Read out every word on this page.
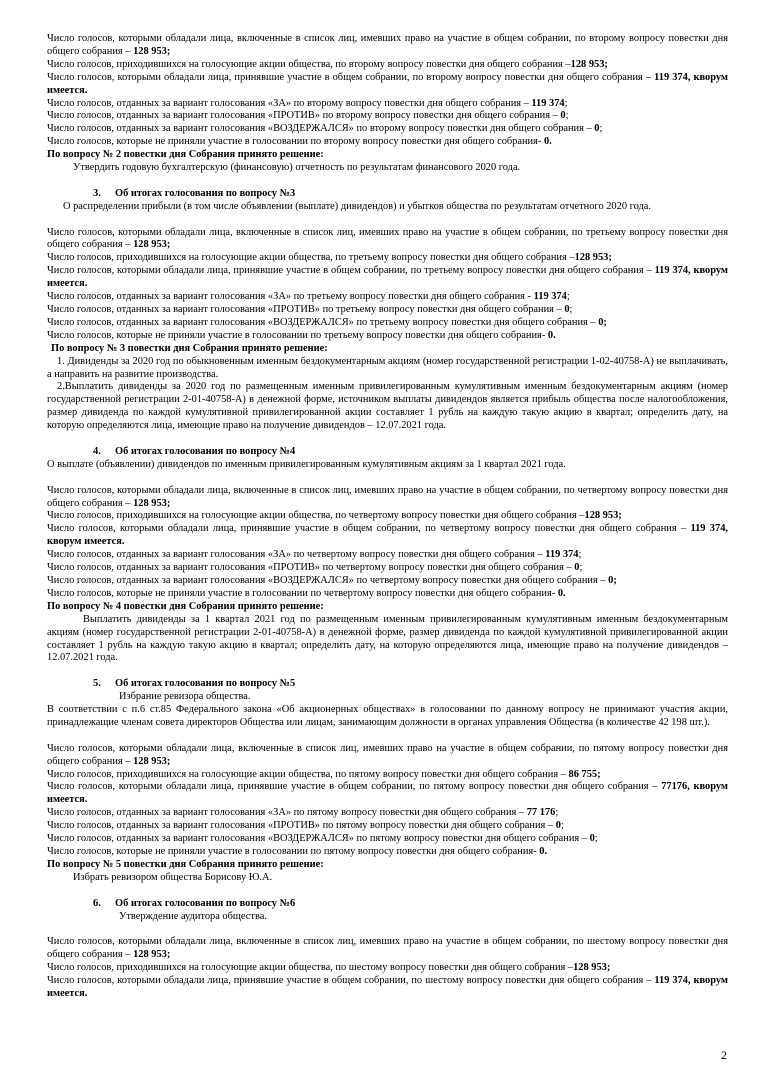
Число голосов, которыми обладали лица, включенные в список лиц, имевших право на участие в общем собрании, по второму вопросу повестки дня общего собрания – 128 953;

Число голосов, приходившихся на голосующие акции общества, по второму вопросу повестки дня общего собрания –128 953;

Число голосов, которыми обладали лица, принявшие участие в общем собрании, по второму вопросу повестки дня общего собрания – 119 374, кворум имеется.

Число голосов, отданных за вариант голосования «ЗА» по второму вопросу повестки дня общего собрания – 119 374;

Число голосов, отданных за вариант голосования «ПРОТИВ» по второму вопросу повестки дня общего собрания – 0;

Число голосов, отданных за вариант голосования «ВОЗДЕРЖАЛСЯ» по второму вопросу повестки дня общего собрания – 0;

Число голосов, которые не приняли участие в голосовании по второму вопросу повестки дня общего собрания- 0.

По вопросу № 2 повестки дня Собрания принято решение:

Утвердить годовую бухгалтерскую (финансовую) отчетность по результатам финансового 2020 года.

3. Об итогах голосования по вопросу №3

О распределении прибыли (в том числе объявлении (выплате) дивидендов) и убытков общества по результатам отчетного 2020 года.

Число голосов, которыми обладали лица, включенные в список лиц, имевших право на участие в общем собрании, по третьему вопросу повестки дня общего собрания – 128 953;

Число голосов, приходившихся на голосующие акции общества, по третьему вопросу повестки дня общего собрания –128 953;

Число голосов, которыми обладали лица, принявшие участие в общем собрании, по третьему вопросу повестки дня общего собрания – 119 374, кворум имеется.

Число голосов, отданных за вариант голосования «ЗА» по третьему вопросу повестки дня общего собрания - 119 374;

Число голосов, отданных за вариант голосования «ПРОТИВ» по третьему вопросу повестки дня общего собрания – 0;

Число голосов, отданных за вариант голосования «ВОЗДЕРЖАЛСЯ» по третьему вопросу повестки дня общего собрания – 0;

Число голосов, которые не приняли участие в голосовании по третьему вопросу повестки дня общего собрания- 0.

По вопросу № 3 повестки дня Собрания принято решение:

1. Дивиденды за 2020 год по обыкновенным именным бездокументарным акциям (номер государственной регистрации 1-02-40758-А) не выплачивать, а направить на развитие производства.

2.Выплатить дивиденды за 2020 год по размещенным именным привилегированным кумулятивным именным бездокументарным акциям (номер государственной регистрации 2-01-40758-А) в денежной форме, источником выплаты дивидендов является прибыль общества после налогообложения, размер дивиденда по каждой кумулятивной привилегированной акции составляет 1 рубль на каждую такую акцию в квартал; определить дату, на которую определяются лица, имеющие право на получение дивидендов – 12.07.2021 года.

4. Об итогах голосования по вопросу №4

О выплате (объявлении) дивидендов по именным привилегированным кумулятивным акциям за 1 квартал 2021 года.

Число голосов, которыми обладали лица, включенные в список лиц, имевших право на участие в общем собрании, по четвертому вопросу повестки дня общего собрания – 128 953;

Число голосов, приходившихся на голосующие акции общества, по четвертому вопросу повестки дня общего собрания –128 953;

Число голосов, которыми обладали лица, принявшие участие в общем собрании, по четвертому вопросу повестки дня общего собрания – 119 374, кворум имеется.

Число голосов, отданных за вариант голосования «ЗА» по четвертому вопросу повестки дня общего собрания – 119 374;

Число голосов, отданных за вариант голосования «ПРОТИВ» по четвертому вопросу повестки дня общего собрания – 0;

Число голосов, отданных за вариант голосования «ВОЗДЕРЖАЛСЯ» по четвертому вопросу повестки дня общего собрания – 0;

Число голосов, которые не приняли участие в голосовании по четвертому вопросу повестки дня общего собрания- 0.

По вопросу № 4 повестки дня Собрания принято решение:

Выплатить дивиденды за 1 квартал 2021 год по размещенным именным привилегированным кумулятивным именным бездокументарным акциям (номер государственной регистрации 2-01-40758-А) в денежной форме, размер дивиденда по каждой кумулятивной привилегированной акции составляет 1 рубль на каждую такую акцию в квартал; определить дату, на которую определяются лица, имеющие право на получение дивидендов – 12.07.2021 года.

5. Об итогах голосования по вопросу №5

Избрание ревизора общества.

В соответствии с п.6 ст.85 Федерального закона «Об акционерных обществах» в голосовании по данному вопросу не принимают участия акции, принадлежащие членам совета директоров Общества или лицам, занимающим должности в органах управления Общества (в количестве 42 198 шт.).

Число голосов, которыми обладали лица, включенные в список лиц, имевших право на участие в общем собрании, по пятому вопросу повестки дня общего собрания – 128 953;

Число голосов, приходившихся на голосующие акции общества, по пятому вопросу повестки дня общего собрания – 86 755;

Число голосов, которыми обладали лица, принявшие участие в общем собрании, по пятому вопросу повестки дня общего собрания – 77176, кворум имеется.

Число голосов, отданных за вариант голосования «ЗА» по пятому вопросу повестки дня общего собрания – 77 176;

Число голосов, отданных за вариант голосования «ПРОТИВ» по пятому вопросу повестки дня общего собрания – 0;

Число голосов, отданных за вариант голосования «ВОЗДЕРЖАЛСЯ» по пятому вопросу повестки дня общего собрания – 0;

Число голосов, которые не приняли участие в голосовании по пятому вопросу повестки дня общего собрания- 0.

По вопросу № 5 повестки дня Собрания принято решение:

Избрать ревизором общества Борисову Ю.А.

6. Об итогах голосования по вопросу №6

Утверждение аудитора общества.

Число голосов, которыми обладали лица, включенные в список лиц, имевших право на участие в общем собрании, по шестому вопросу повестки дня общего собрания – 128 953;

Число голосов, приходившихся на голосующие акции общества, по шестому вопросу повестки дня общего собрания –128 953;

Число голосов, которыми обладали лица, принявшие участие в общем собрании, по шестому вопросу повестки дня общего собрания – 119 374, кворум имеется.

2
